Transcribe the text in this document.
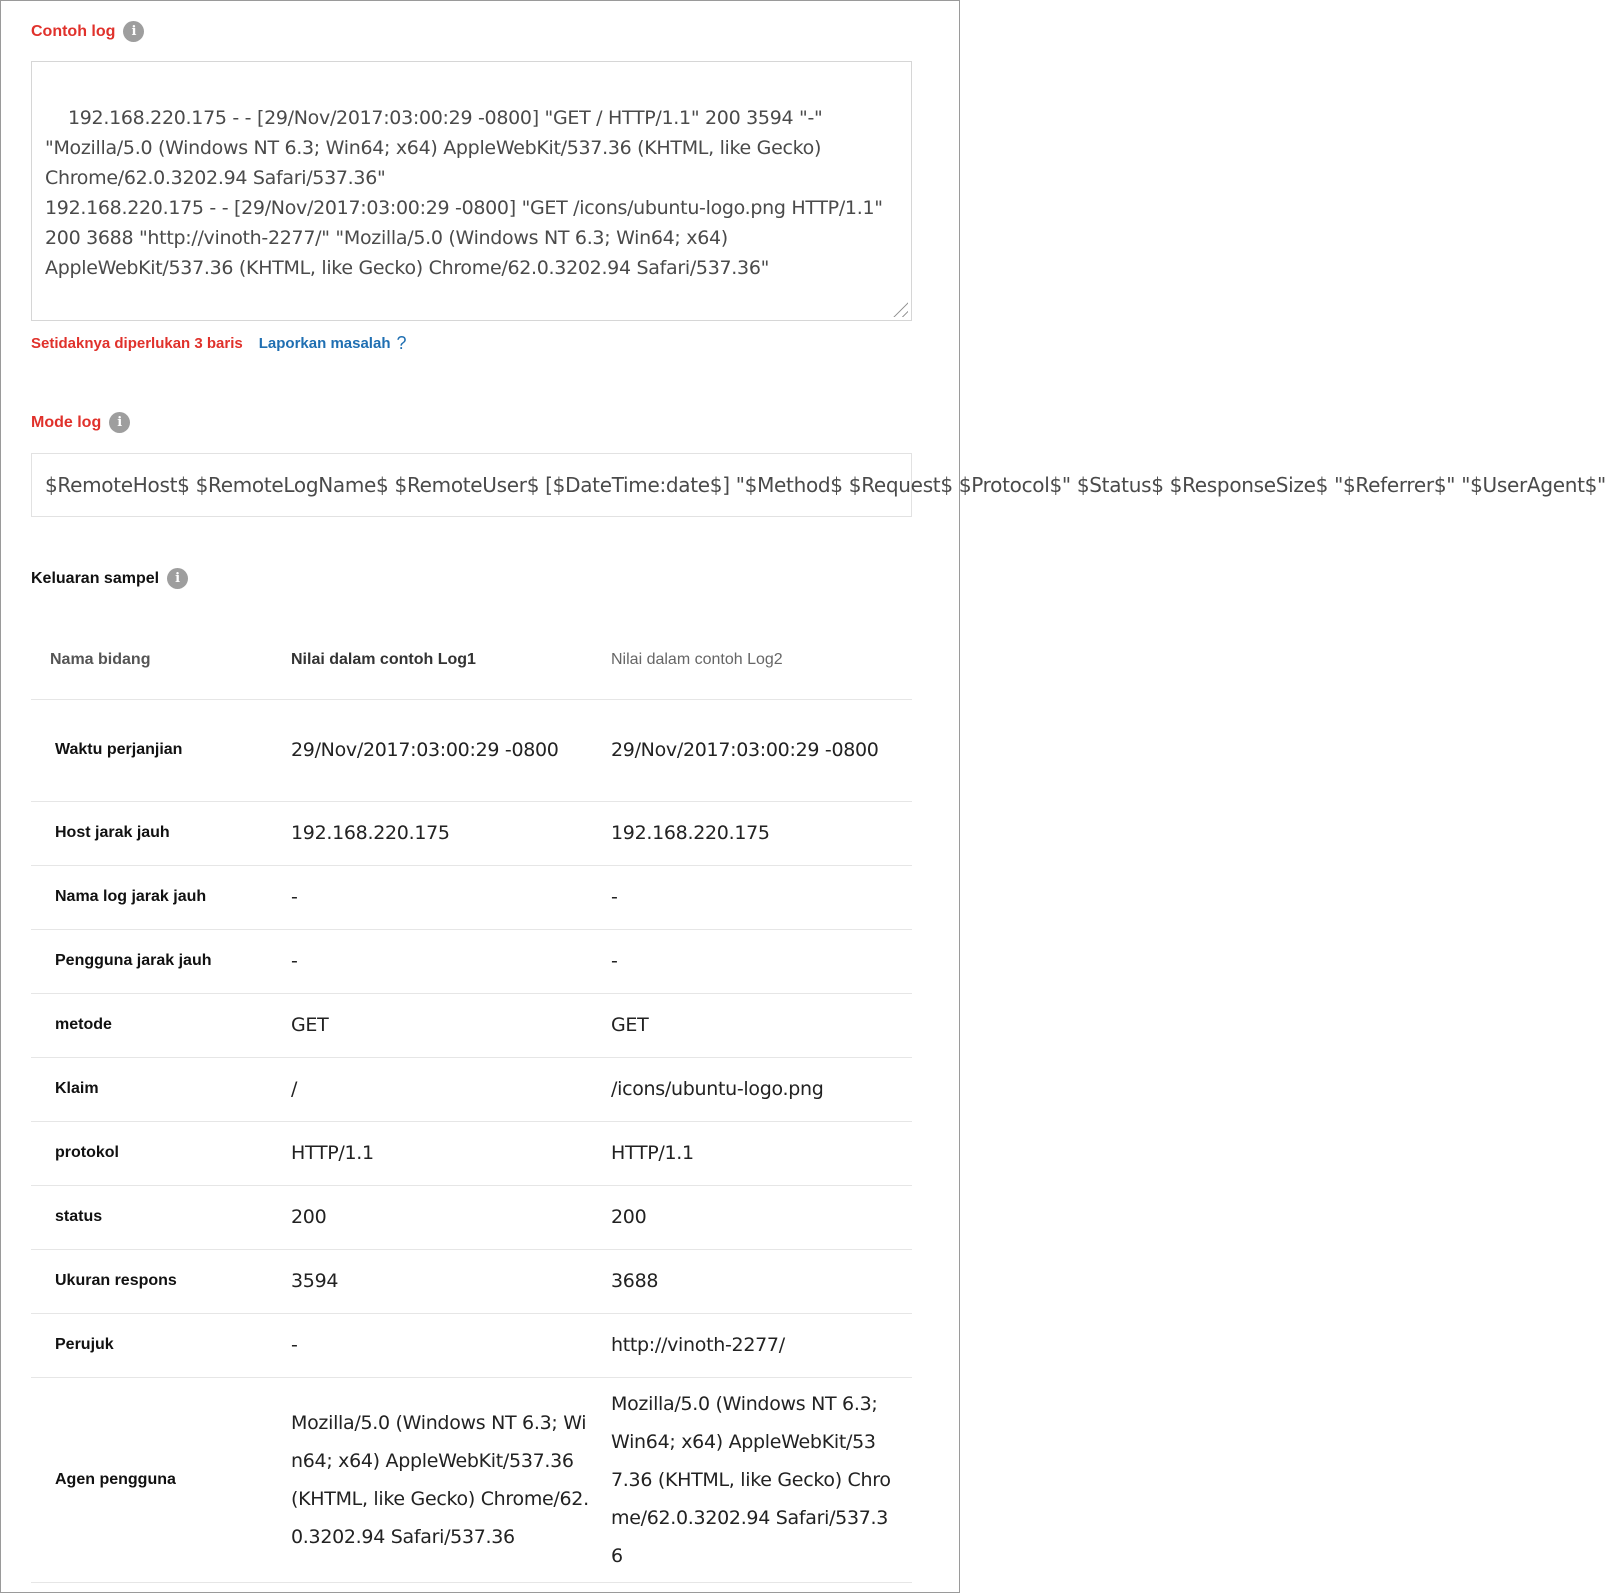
Contoh log	i

192.168.220.175 - - [29/Nov/2017:03:00:29 -0800] "GET / HTTP/1.1" 200 3594 "-" "Mozilla/5.0 (Windows NT 6.3; Win64; x64) AppleWebKit/537.36 (KHTML, like Gecko) Chrome/62.0.3202.94 Safari/537.36"
192.168.220.175 - - [29/Nov/2017:03:00:29 -0800] "GET /icons/ubuntu-logo.png HTTP/1.1" 200 3688 "http://vinoth-2277/" "Mozilla/5.0 (Windows NT 6.3; Win64; x64) AppleWebKit/537.36 (KHTML, like Gecko) Chrome/62.0.3202.94 Safari/537.36"

Setidaknya diperlukan 3 baris Laporkan masalah ?
Mode log	i
$RemoteHost$ $RemoteLogName$ $RemoteUser$ [$DateTime:date$] "$Method$ $Request$ $Protocol$" $Status$ $ResponseSize$ "$Referrer$" "$UserAgent$"
Keluaran sampel	i
Nama bidang	Nilai dalam contoh Log1	Nilai dalam contoh Log2
Waktu perjanjian	29/Nov/2017:03:00:29 -0800	29/Nov/2017:03:00:29 -0800
Host jarak jauh	192.168.220.175	192.168.220.175
Nama log jarak jauh	-	-
Pengguna jarak jauh	-	-
metode	GET	GET
Klaim	/	/icons/ubuntu-logo.png
protokol	HTTP/1.1	HTTP/1.1
status	200	200
Ukuran respons	3594	3688
Perujuk	-	http://vinoth-2277/
Agen pengguna	Mozilla/5.0 (Windows NT 6.3; Win64; x64) AppleWebKit/537.36 (KHTML, like Gecko) Chrome/62.0.3202.94 Safari/537.36	Mozilla/5.0 (Windows NT 6.3; Win64; x64) AppleWebKit/537.36 (KHTML, like Gecko) Chrome/62.0.3202.94 Safari/537.36
